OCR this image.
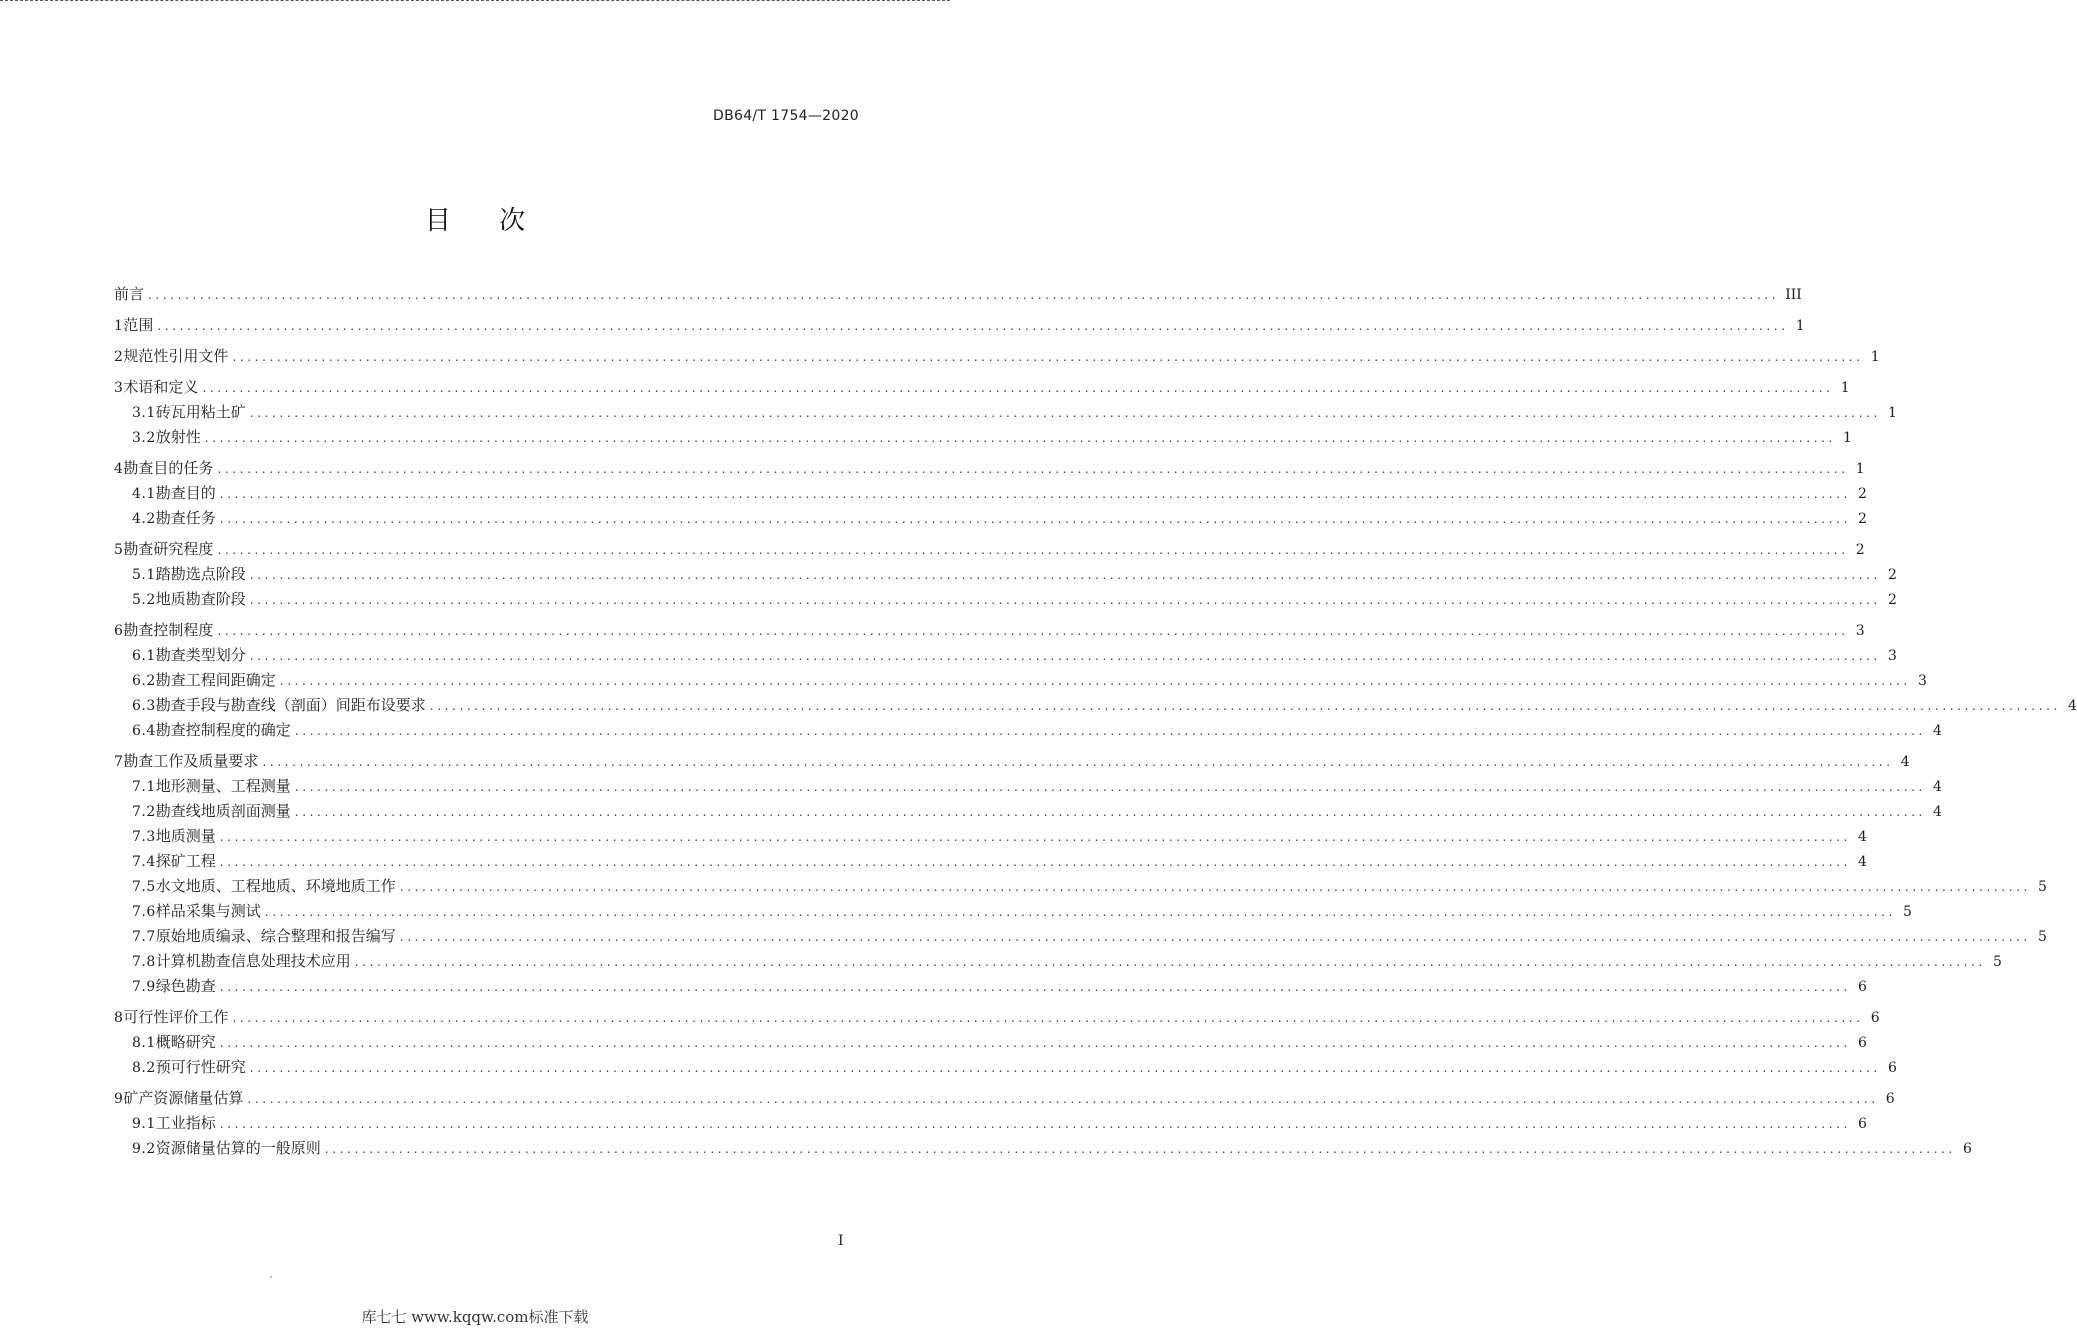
DB64/T 1754—2020
目 次
前言 ............................................................................................................................................................................................................................ III
1 范围 ............................................................................................................................................................................................................................ 1
2 规范性引用文件 ............................................................................................................................................................................................................................ 1
3 术语和定义 ............................................................................................................................................................................................................................ 1
3.1 砖瓦用粘土矿 ............................................................................................................................................................................................................................ 1
3.2 放射性 ............................................................................................................................................................................................................................ 1
4 勘查目的任务 ............................................................................................................................................................................................................................ 1
4.1 勘查目的 ............................................................................................................................................................................................................................ 2
4.2 勘查任务 ............................................................................................................................................................................................................................ 2
5 勘查研究程度 ............................................................................................................................................................................................................................ 2
5.1 踏勘选点阶段 ............................................................................................................................................................................................................................ 2
5.2 地质勘查阶段 ............................................................................................................................................................................................................................ 2
6 勘查控制程度 ............................................................................................................................................................................................................................ 3
6.1 勘查类型划分 ............................................................................................................................................................................................................................ 3
6.2 勘查工程间距确定 ............................................................................................................................................................................................................................ 3
6.3 勘查手段与勘查线（剖面）间距布设要求 ............................................................................................................................................................................................................................ 4
6.4 勘查控制程度的确定 ............................................................................................................................................................................................................................ 4
7 勘查工作及质量要求 ............................................................................................................................................................................................................................ 4
7.1 地形测量、工程测量 ............................................................................................................................................................................................................................ 4
7.2 勘查线地质剖面测量 ............................................................................................................................................................................................................................ 4
7.3 地质测量 ............................................................................................................................................................................................................................ 4
7.4 探矿工程 ............................................................................................................................................................................................................................ 4
7.5 水文地质、工程地质、环境地质工作 ............................................................................................................................................................................................................................ 5
7.6 样品采集与测试 ............................................................................................................................................................................................................................ 5
7.7 原始地质编录、综合整理和报告编写 ............................................................................................................................................................................................................................ 5
7.8 计算机勘查信息处理技术应用 ............................................................................................................................................................................................................................ 5
7.9 绿色勘查 ............................................................................................................................................................................................................................ 6
8 可行性评价工作 ............................................................................................................................................................................................................................ 6
8.1 概略研究 ............................................................................................................................................................................................................................ 6
8.2 预可行性研究 ............................................................................................................................................................................................................................ 6
9 矿产资源储量估算 ............................................................................................................................................................................................................................ 6
9.1 工业指标 ............................................................................................................................................................................................................................ 6
9.2 资源储量估算的一般原则 ............................................................................................................................................................................................................................ 6
I
库七七 www.kqqw.com标准下载
